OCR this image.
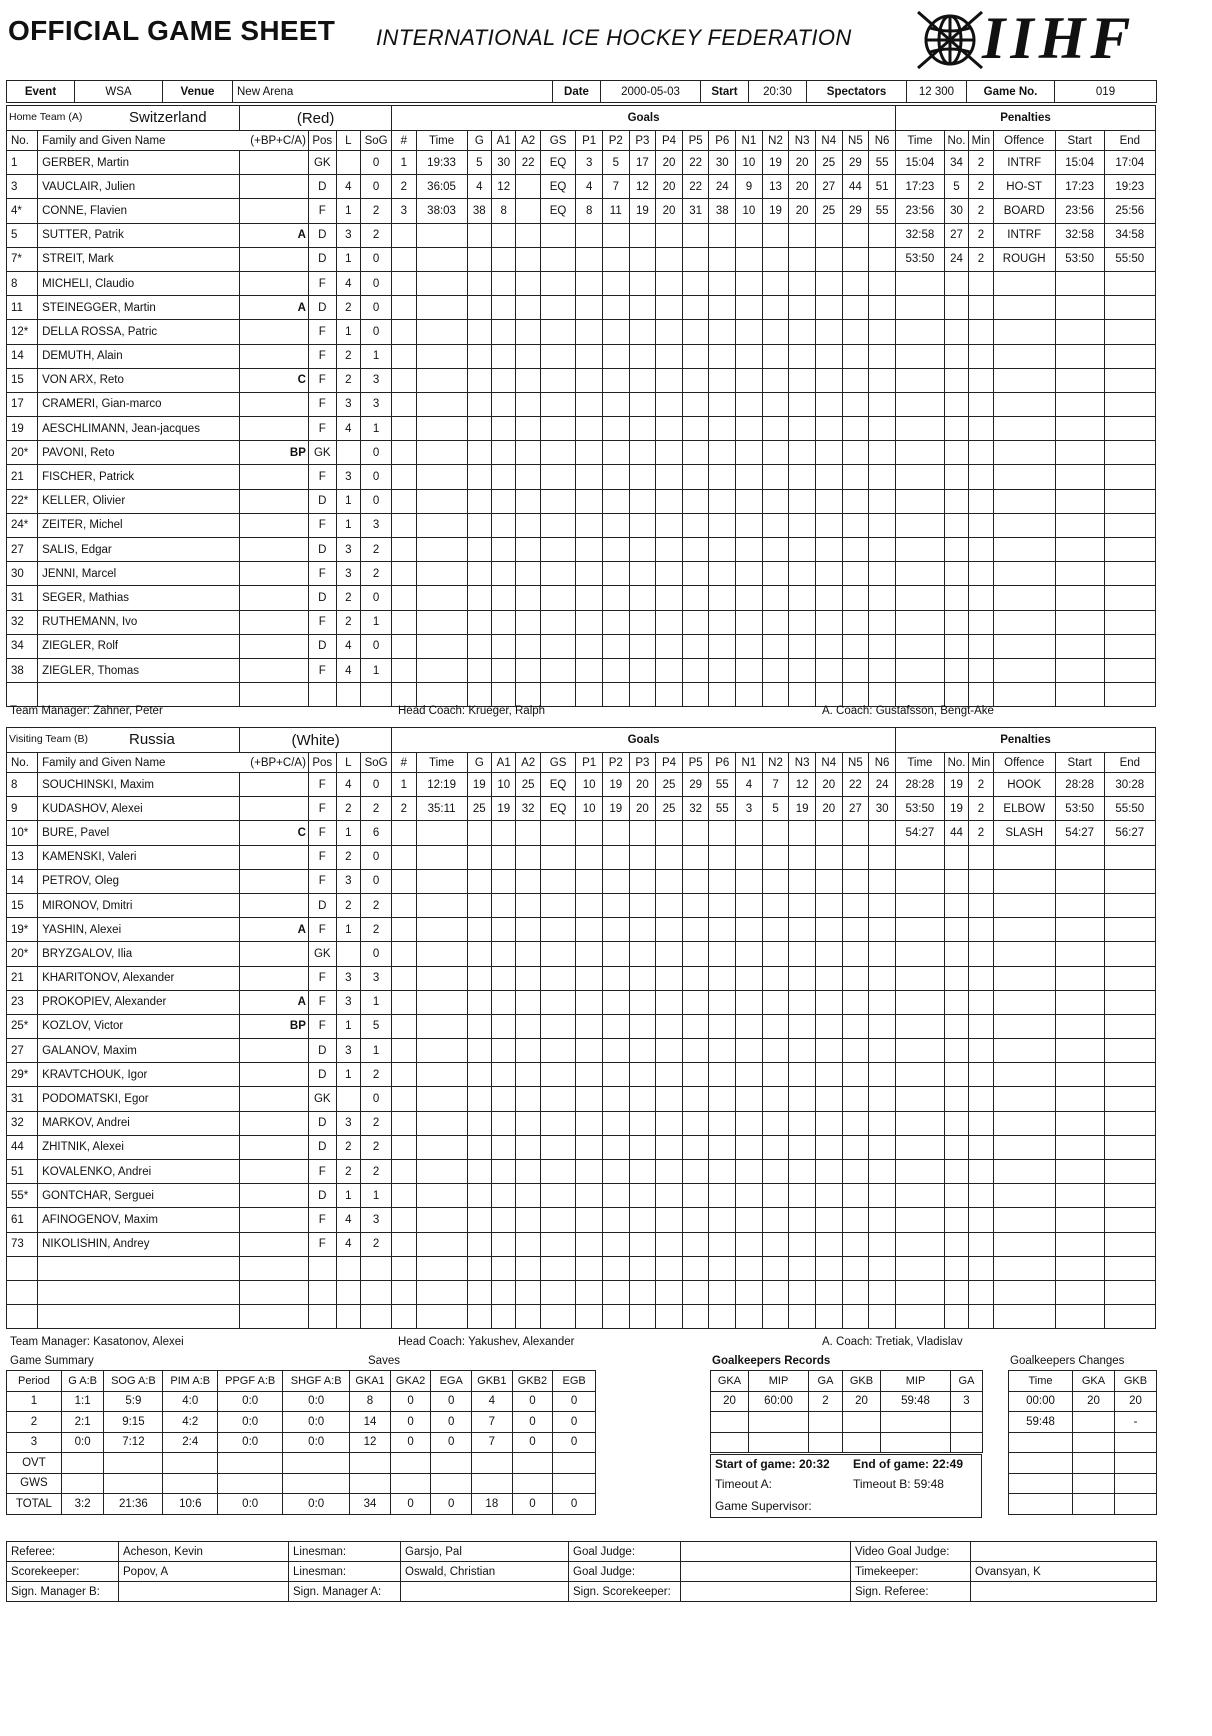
OFFICIAL GAME SHEET INTERNATIONAL ICE HOCKEY FEDERATION IIHF
Event	WSA	Venue	New Arena	Date	2000-05-03	Start	20:30	Spectators	12 300	Game No.	019
Home Team (A) Switzerland		(Red)				Goals																		Penalties					
No.	Family and Given Name (+BP+C/A)		Pos	L	SoG	#	Time	G	A1	A2	GS	P1	P2	P3	P4	P5	P6	N1	N2	N3	N4	N5	N6	Time	No.	Min	Offence	Start	End
1	GERBER, Martin		GK		0	1	19:33	5	30	22	EQ	3	5	17	20	22	30	10	19	20	25	29	55	15:04	34	2	INTRF	15:04	17:04
3	VAUCLAIR, Julien		D	4	0	2	36:05	4	12		EQ	4	7	12	20	22	24	9	13	20	27	44	51	17:23	5	2	HO-ST	17:23	19:23
4*	CONNE, Flavien		F	1	2	3	38:03	38	8		EQ	8	11	19	20	31	38	10	19	20	25	29	55	23:56	30	2	BOARD	23:56	25:56
5	SUTTER, Patrik	A	D	3	2																			32:58	27	2	INTRF	32:58	34:58
7*	STREIT, Mark		D	1	0																			53:50	24	2	ROUGH	53:50	55:50
8	MICHELI, Claudio		F	4	0																								
11	STEINEGGER, Martin	A	D	2	0																								
12*	DELLA ROSSA, Patric		F	1	0																								
14	DEMUTH, Alain		F	2	1																								
15	VON ARX, Reto	C	F	2	3																								
17	CRAMERI, Gian-marco		F	3	3																								
19	AESCHLIMANN, Jean-jacques		F	4	1																								
20*	PAVONI, Reto	BP	GK		0																								
21	FISCHER, Patrick		F	3	0																								
22*	KELLER, Olivier		D	1	0																								
24*	ZEITER, Michel		F	1	3																								
27	SALIS, Edgar		D	3	2																								
30	JENNI, Marcel		F	3	2																								
31	SEGER, Mathias		D	2	0																								
32	RUTHEMANN, Ivo		F	2	1																								
34	ZIEGLER, Rolf		D	4	0																								
38	ZIEGLER, Thomas		F	4	1																								

Team Manager: Zahner, Peter	Head Coach: Krueger, Ralph	A. Coach: Gustafsson, Bengt-Ake
Visiting Team (B) Russia		(White)				Goals																		Penalties					
No.	Family and Given Name (+BP+C/A)		Pos	L	SoG	#	Time	G	A1	A2	GS	P1	P2	P3	P4	P5	P6	N1	N2	N3	N4	N5	N6	Time	No.	Min	Offence	Start	End
8	SOUCHINSKI, Maxim		F	4	0	1	12:19	19	10	25	EQ	10	19	20	25	29	55	4	7	12	20	22	24	28:28	19	2	HOOK	28:28	30:28
9	KUDASHOV, Alexei		F	2	2	2	35:11	25	19	32	EQ	10	19	20	25	32	55	3	5	19	20	27	30	53:50	19	2	ELBOW	53:50	55:50
10*	BURE, Pavel	C	F	1	6																			54:27	44	2	SLASH	54:27	56:27
13	KAMENSKI, Valeri		F	2	0																								
14	PETROV, Oleg		F	3	0																								
15	MIRONOV, Dmitri		D	2	2																								
19*	YASHIN, Alexei	A	F	1	2																								
20*	BRYZGALOV, Ilia		GK		0																								
21	KHARITONOV, Alexander		F	3	3																								
23	PROKOPIEV, Alexander	A	F	3	1																								
25*	KOZLOV, Victor	BP	F	1	5																								
27	GALANOV, Maxim		D	3	1																								
29*	KRAVTCHOUK, Igor		D	1	2																								
31	PODOMATSKI, Egor		GK		0																								
32	MARKOV, Andrei		D	3	2																								
44	ZHITNIK, Alexei		D	2	2																								
51	KOVALENKO, Andrei		F	2	2																								
55*	GONTCHAR, Serguei		D	1	1																								
61	AFINOGENOV, Maxim		F	4	3																								
73	NIKOLISHIN, Andrey		F	4	2																								

Team Manager: Kasatonov, Alexei	Head Coach: Yakushev, Alexander	A. Coach: Tretiak, Vladislav
Game Summary	Saves
Period	G A:B	SOG A:B	PIM A:B	PPGF A:B	SHGF A:B	GKA1	GKA2	EGA	GKB1	GKB2	EGB
1	1:1	5:9	4:0	0:0	0:0	8	0	0	4	0	0
2	2:1	9:15	4:2	0:0	0:0	14	0	0	7	0	0
3	0:0	7:12	2:4	0:0	0:0	12	0	0	7	0	0
OVT											
GWS											
TOTAL	3:2	21:36	10:6	0:0	0:0	34	0	0	18	0	0
Goalkeepers Records
GKA	MIP	GA	GKB	MIP	GA
20	60:00	2	20	59:48	3

Start of game: 20:32 End of game: 22:49
Timeout A:	Timeout B: 59:48
Game Supervisor:
Goalkeepers Changes
Time	GKA	GKB
00:00	20	20
59:48		-

Referee:	Acheson, Kevin	Linesman:	Garsjo, Pal	Goal Judge:		Video Goal Judge:	
Scorekeeper:	Popov, A	Linesman:	Oswald, Christian	Goal Judge:		Timekeeper:	Ovansyan, K
Sign. Manager B:		Sign. Manager A:		Sign. Scorekeeper:		Sign. Referee:	
